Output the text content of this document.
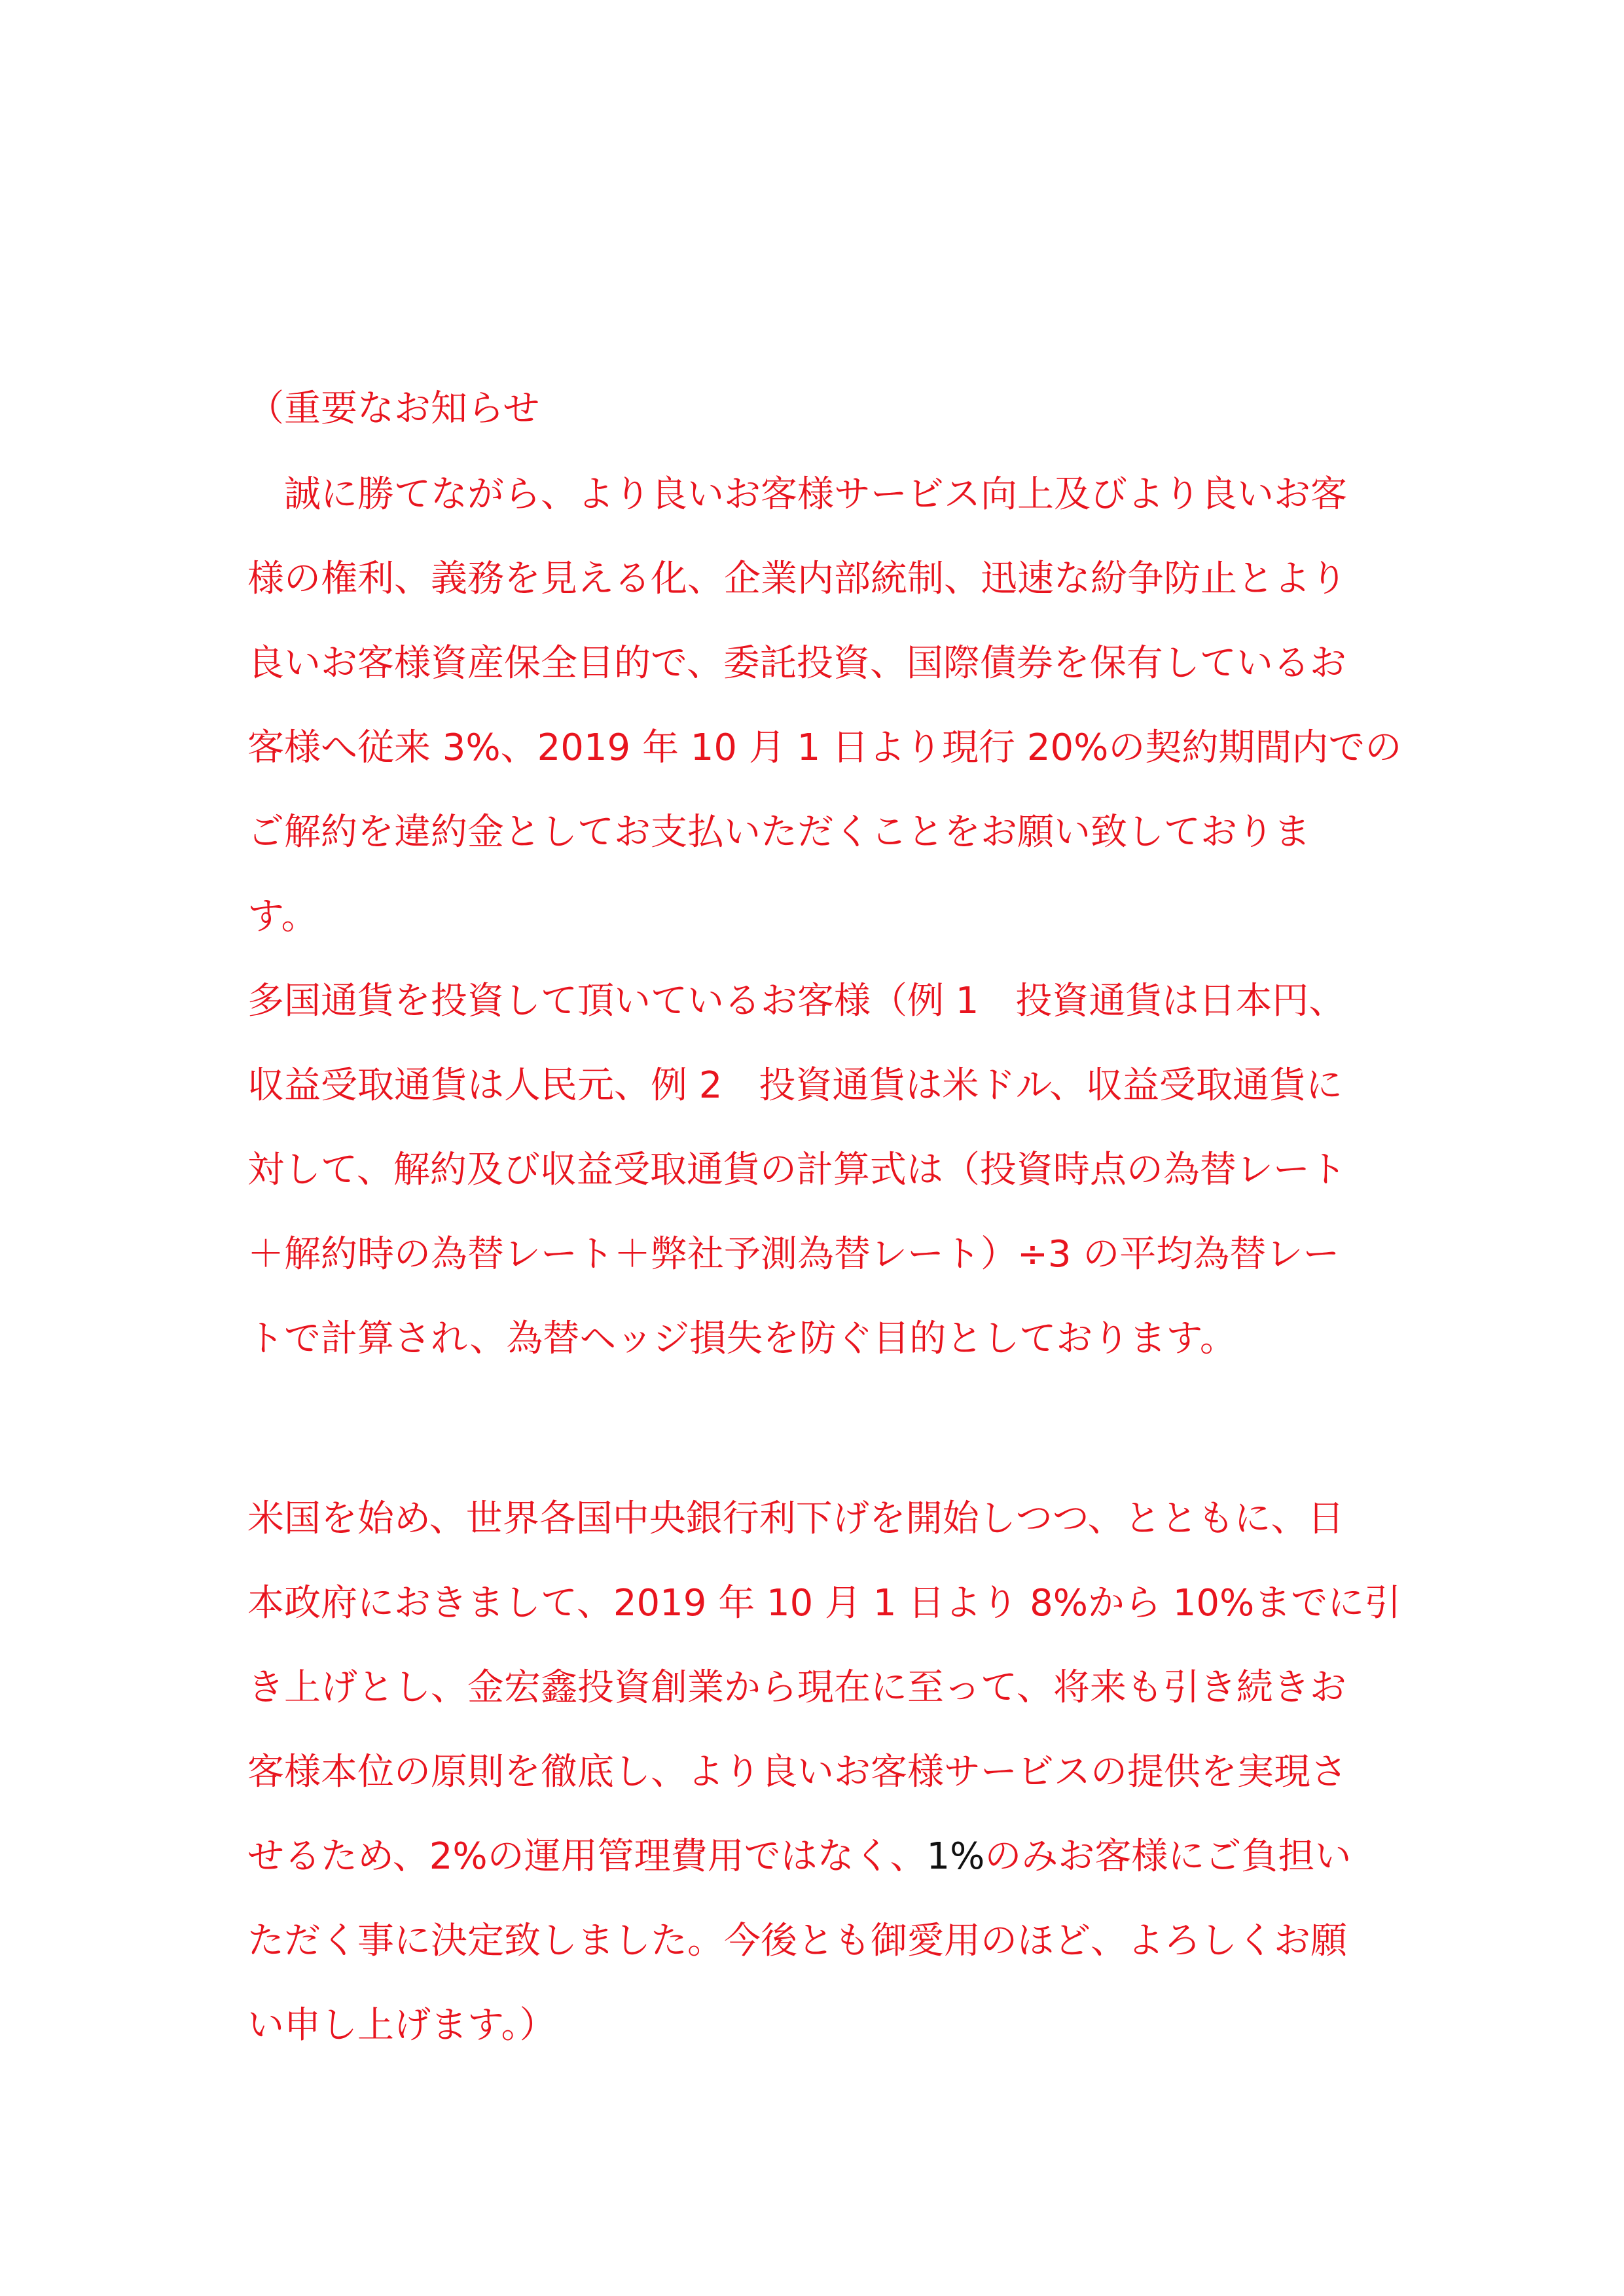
（重要なお知らせ

　誠に勝てながら、より良いお客様サービス向上及びより良いお客

様の権利、義務を見える化、企業内部統制、迅速な紛争防止とより

良いお客様資産保全目的で、委託投資、国際債券を保有しているお

客様へ従来 3%、2019 年 10 月 1 日より現行 20%の契約期間内での

ご解約を違約金としてお支払いただくことをお願い致しておりま

す。

多国通貨を投資して頂いているお客様（例 1　投資通貨は日本円、

収益受取通貨は人民元、例 2　投資通貨は米ドル、収益受取通貨に

対して、解約及び収益受取通貨の計算式は（投資時点の為替レート

＋解約時の為替レート＋弊社予測為替レート）÷3 の平均為替レー

トで計算され、為替ヘッジ損失を防ぐ目的としております。

米国を始め、世界各国中央銀行利下げを開始しつつ、とともに、日

本政府におきまして、2019 年 10 月 1 日より 8%から 10%までに引

き上げとし、金宏鑫投資創業から現在に至って、将来も引き続きお

客様本位の原則を徹底し、より良いお客様サービスの提供を実現さ

せるため、2%の運用管理費用ではなく、1%のみお客様にご負担い

ただく事に決定致しました。今後とも御愛用のほど、よろしくお願

い申し上げます。）
